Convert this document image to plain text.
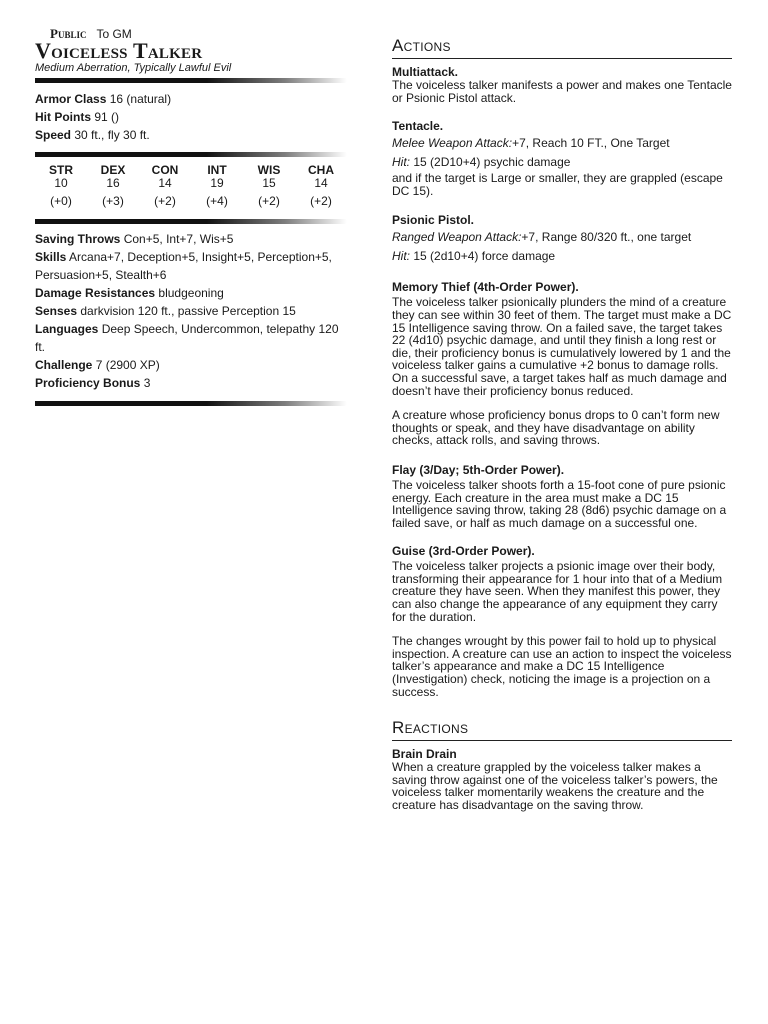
Public To GM
Voiceless Talker
Medium Aberration, Typically Lawful Evil
Armor Class 16 (natural)
Hit Points 91 ()
Speed 30 ft., fly 30 ft.
STR
10
(+0)
DEX
16
(+3)
CON
14
(+2)
INT
19
(+4)
WIS
15
(+2)
CHA
14
(+2)
Saving Throws Con+5, Int+7, Wis+5
Skills Arcana+7, Deception+5, Insight+5, Perception+5, Persuasion+5, Stealth+6
Damage Resistances bludgeoning
Senses darkvision 120 ft., passive Perception 15
Languages Deep Speech, Undercommon, telepathy 120 ft.
Challenge 7 (2900 XP)
Proficiency Bonus 3
Actions
Multiattack.

The voiceless talker manifests a power and makes one Tentacle or Psionic Pistol attack.

Tentacle.
Melee Weapon Attack:+7, Reach 10 FT., One Target
Hit: 15 (2D10+4) psychic damage

and if the target is Large or smaller, they are grappled (escape DC 15).

Psionic Pistol.
Ranged Weapon Attack:+7, Range 80/320 ft., one target
Hit: 15 (2d10+4) force damage
Memory Thief (4th-Order Power).

The voiceless talker psionically plunders the mind of a creature they can see within 30 feet of them. The target must make a DC 15 Intelligence saving throw. On a failed save, the target takes 22 (4d10) psychic damage, and until they finish a long rest or die, their proficiency bonus is cumulatively lowered by 1 and the voiceless talker gains a cumulative +2 bonus to damage rolls. On a successful save, a target takes half as much damage and doesn’t have their proficiency bonus reduced.

A creature whose proficiency bonus drops to 0 can’t form new thoughts or speak, and they have disadvantage on ability checks, attack rolls, and saving throws.

Flay (3/Day; 5th-Order Power).

The voiceless talker shoots forth a 15-foot cone of pure psionic energy. Each creature in the area must make a DC 15 Intelligence saving throw, taking 28 (8d6) psychic damage on a failed save, or half as much damage on a successful one.

Guise (3rd-Order Power).

The voiceless talker projects a psionic image over their body, transforming their appearance for 1 hour into that of a Medium creature they have seen. When they manifest this power, they can also change the appearance of any equipment they carry for the duration.

The changes wrought by this power fail to hold up to physical inspection. A creature can use an action to inspect the voiceless talker’s appearance and make a DC 15 Intelligence (Investigation) check, noticing the image is a projection on a success.

Reactions
Brain Drain

When a creature grappled by the voiceless talker makes a saving throw against one of the voiceless talker’s powers, the voiceless talker momentarily weakens the creature and the creature has disadvantage on the saving throw.
